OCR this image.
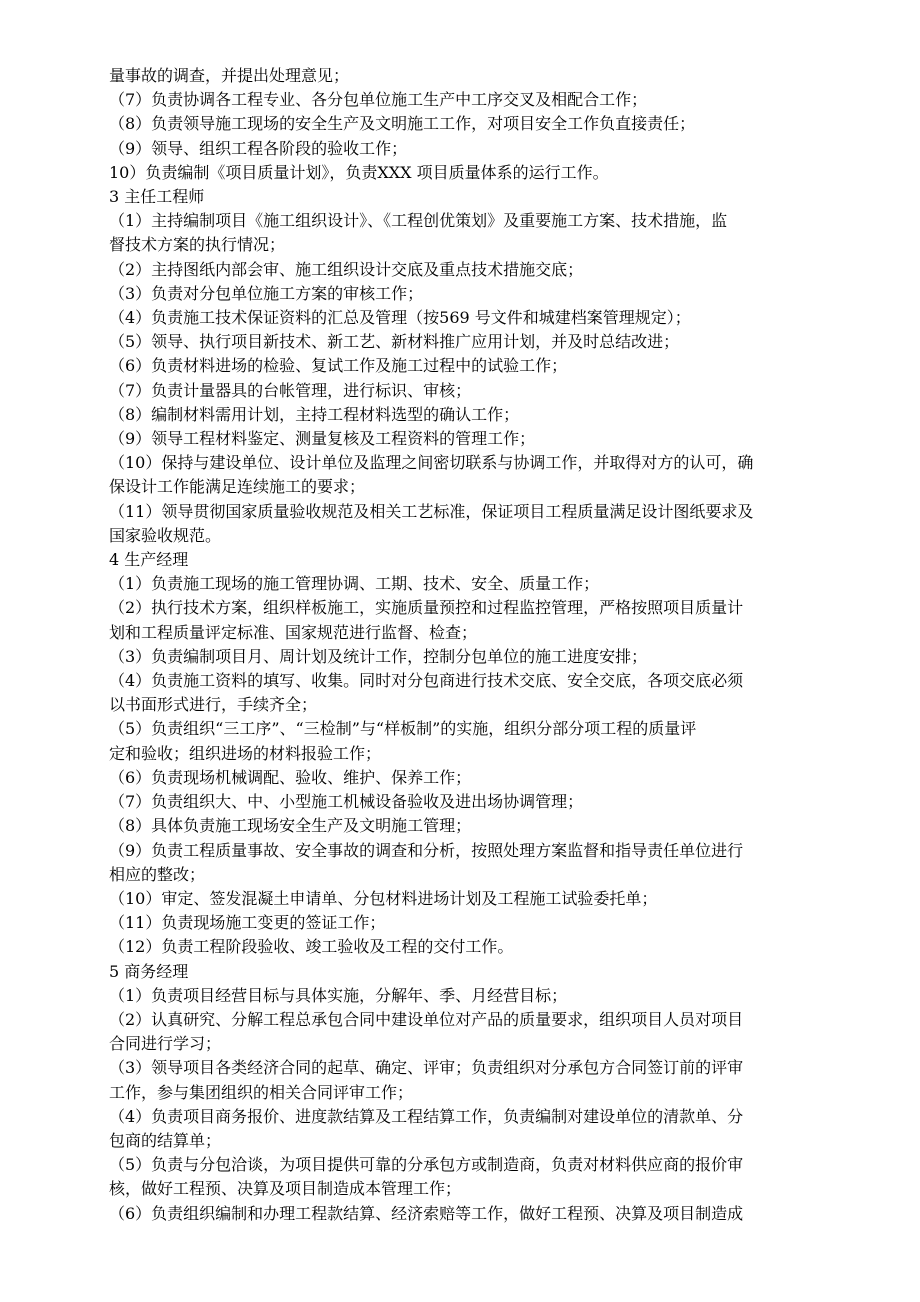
量事故的调查，并提出处理意见；
（7）负责协调各工程专业、各分包单位施工生产中工序交叉及相配合工作；
（8）负责领导施工现场的安全生产及文明施工工作，对项目安全工作负直接责任；
（9）领导、组织工程各阶段的验收工作；
10）负责编制《项目质量计划》，负责XXX 项目质量体系的运行工作。
3 主任工程师
（1）主持编制项目《施工组织设计》、《工程创优策划》及重要施工方案、技术措施，监
督技术方案的执行情况；
（2）主持图纸内部会审、施工组织设计交底及重点技术措施交底；
（3）负责对分包单位施工方案的审核工作；
（4）负责施工技术保证资料的汇总及管理（按569 号文件和城建档案管理规定）；
（5）领导、执行项目新技术、新工艺、新材料推广应用计划，并及时总结改进；
（6）负责材料进场的检验、复试工作及施工过程中的试验工作；
（7）负责计量器具的台帐管理，进行标识、审核；
（8）编制材料需用计划，主持工程材料选型的确认工作；
（9）领导工程材料鉴定、测量复核及工程资料的管理工作；
（10）保持与建设单位、设计单位及监理之间密切联系与协调工作，并取得对方的认可，确
保设计工作能满足连续施工的要求；
（11）领导贯彻国家质量验收规范及相关工艺标准，保证项目工程质量满足设计图纸要求及
国家验收规范。
4 生产经理
（1）负责施工现场的施工管理协调、工期、技术、安全、质量工作；
（2）执行技术方案，组织样板施工，实施质量预控和过程监控管理，严格按照项目质量计
划和工程质量评定标准、国家规范进行监督、检查；
（3）负责编制项目月、周计划及统计工作，控制分包单位的施工进度安排；
（4）负责施工资料的填写、收集。同时对分包商进行技术交底、安全交底，各项交底必须
以书面形式进行，手续齐全；
（5）负责组织“三工序”、“三检制”与“样板制”的实施，组织分部分项工程的质量评
定和验收；组织进场的材料报验工作；
（6）负责现场机械调配、验收、维护、保养工作；
（7）负责组织大、中、小型施工机械设备验收及进出场协调管理；
（8）具体负责施工现场安全生产及文明施工管理；
（9）负责工程质量事故、安全事故的调查和分析，按照处理方案监督和指导责任单位进行
相应的整改；
（10）审定、签发混凝土申请单、分包材料进场计划及工程施工试验委托单；
（11）负责现场施工变更的签证工作；
（12）负责工程阶段验收、竣工验收及工程的交付工作。
5 商务经理
（1）负责项目经营目标与具体实施，分解年、季、月经营目标；
（2）认真研究、分解工程总承包合同中建设单位对产品的质量要求，组织项目人员对项目
合同进行学习；
（3）领导项目各类经济合同的起草、确定、评审；负责组织对分承包方合同签订前的评审
工作，参与集团组织的相关合同评审工作；
（4）负责项目商务报价、进度款结算及工程结算工作，负责编制对建设单位的清款单、分
包商的结算单；
（5）负责与分包洽谈，为项目提供可靠的分承包方或制造商，负责对材料供应商的报价审
核，做好工程预、决算及项目制造成本管理工作；
（6）负责组织编制和办理工程款结算、经济索赔等工作，做好工程预、决算及项目制造成
